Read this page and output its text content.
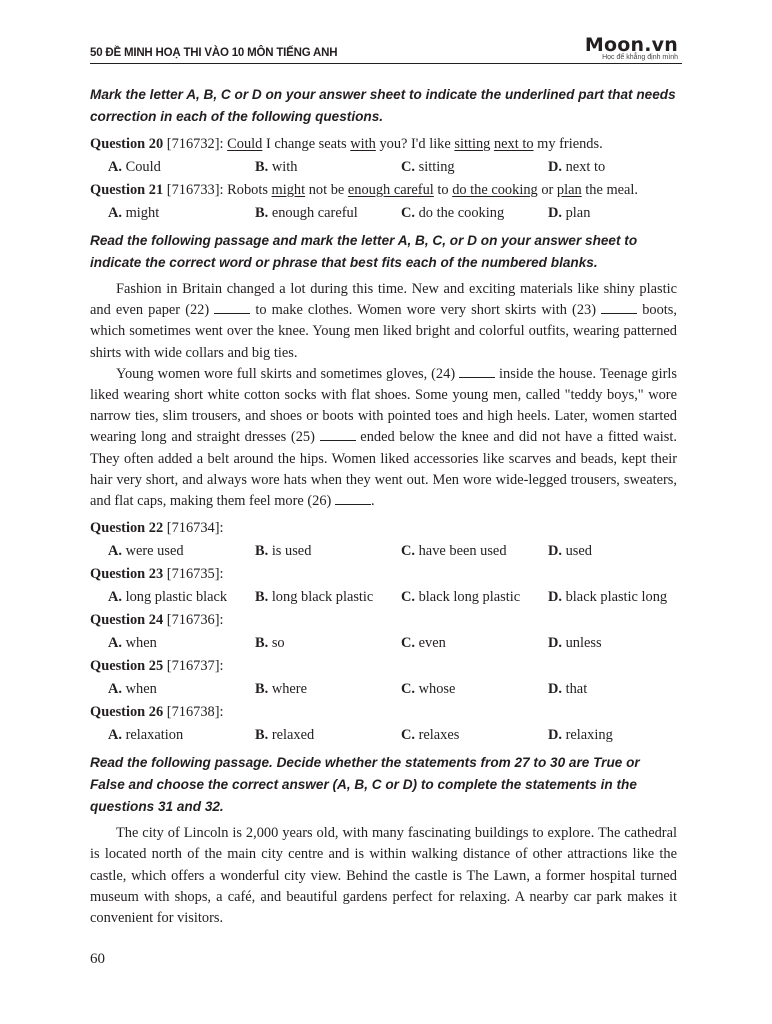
50 ĐỀ MINH HOẠ THI VÀO 10 MÔN TIẾNG ANH	Moon.vn
Học để khẳng định mình

Mark the letter A, B, C or D on your answer sheet to indicate the underlined part that needs correction in each of the following questions.

Question 20 [716732]: Could I change seats with you? I'd like sitting next to my friends.

A. Could	B. with	C. sitting	D. next to

Question 21 [716733]: Robots might not be enough careful to do the cooking or plan the meal.

A. might	B. enough careful	C. do the cooking	D. plan

Read the following passage and mark the letter A, B, C, or D on your answer sheet to indicate the correct word or phrase that best fits each of the numbered blanks.

Fashion in Britain changed a lot during this time. New and exciting materials like shiny plastic and even paper (22)	to make clothes. Women wore very short skirts with (23)	boots, which sometimes went over the knee. Young men liked bright and colorful outfits, wearing patterned shirts with wide collars and big ties.

Young women wore full skirts and sometimes gloves, (24)	inside the house. Teenage girls liked wearing short white cotton socks with flat shoes. Some young men, called "teddy boys," wore narrow ties, slim trousers, and shoes or boots with pointed toes and high heels. Later, women started wearing long and straight dresses (25)	ended below the knee and did not have a fitted waist. They often added a belt around the hips. Women liked accessories like scarves and beads, kept their hair very short, and always wore hats when they went out. Men wore wide-legged trousers, sweaters, and flat caps, making them feel more (26)	.

Question 22 [716734]:

A. were used	B. is used	C. have been used	D. used

Question 23 [716735]:

A. long plastic black B. long black plastic C. black long plastic D. black plastic long

Question 24 [716736]:

A. when	B. so	C. even	D. unless

Question 25 [716737]:

A. when	B. where	C. whose	D. that

Question 26 [716738]:

A. relaxation	B. relaxed	C. relaxes	D. relaxing

Read the following passage. Decide whether the statements from 27 to 30 are True or False and choose the correct answer (A, B, C or D) to complete the statements in the questions 31 and 32.

The city of Lincoln is 2,000 years old, with many fascinating buildings to explore. The cathedral is located north of the main city centre and is within walking distance of other attractions like the castle, which offers a wonderful city view. Behind the castle is The Lawn, a former hospital turned museum with shops, a café, and beautiful gardens perfect for relaxing. A nearby car park makes it convenient for visitors.

60
